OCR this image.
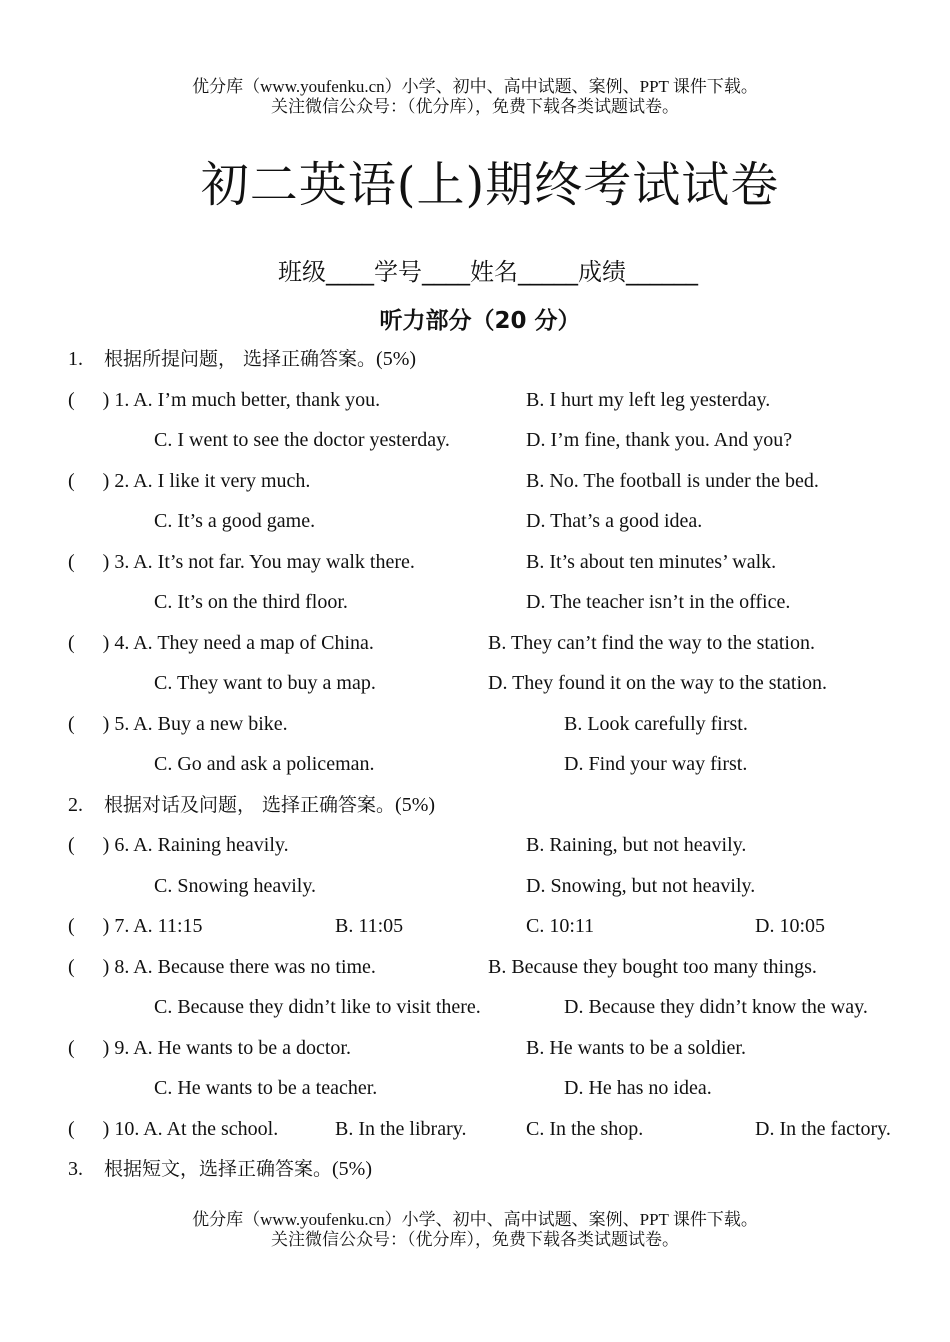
优分库（www.youfenku.cn）小学、初中、高中试题、案例、PPT 课件下载。
关注微信公众号：（优分库），免费下载各类试题试卷。
初二英语(上)期终考试试卷
班级____学号____姓名_____成绩______
听力部分（20 分）
1. 根据所提问题， 选择正确答案。(5%)
( ) 1. A. I’m much better, thank you.	B. I hurt my left leg yesterday.
C. I went to see the doctor yesterday.	D. I’m fine, thank you. And you?
( ) 2. A. I like it very much.	B. No. The football is under the bed.
C. It’s a good game.	D. That’s a good idea.
( ) 3. A. It’s not far. You may walk there.	B. It’s about ten minutes’ walk.
C. It’s on the third floor.	D. The teacher isn’t in the office.
( ) 4. A. They need a map of China.	B. They can’t find the way to the station.
C. They want to buy a map.	D. They found it on the way to the station.
( ) 5. A. Buy a new bike.	B. Look carefully first.
C. Go and ask a policeman.	D. Find your way first.
2. 根据对话及问题， 选择正确答案。(5%)
( ) 6. A. Raining heavily.	B. Raining, but not heavily.
C. Snowing heavily.	D. Snowing, but not heavily.
( ) 7. A. 11:15	B. 11:05	C. 10:11	D. 10:05
( ) 8. A. Because there was no time.	B. Because they bought too many things.
C. Because they didn’t like to visit there.	D. Because they didn’t know the way.
( ) 9. A. He wants to be a doctor.	B. He wants to be a soldier.
C. He wants to be a teacher.	D. He has no idea.
( ) 10. A. At the school.	B. In the library.	C. In the shop.	D. In the factory.
3. 根据短文，选择正确答案。(5%)
优分库（www.youfenku.cn）小学、初中、高中试题、案例、PPT 课件下载。
关注微信公众号：（优分库），免费下载各类试题试卷。
